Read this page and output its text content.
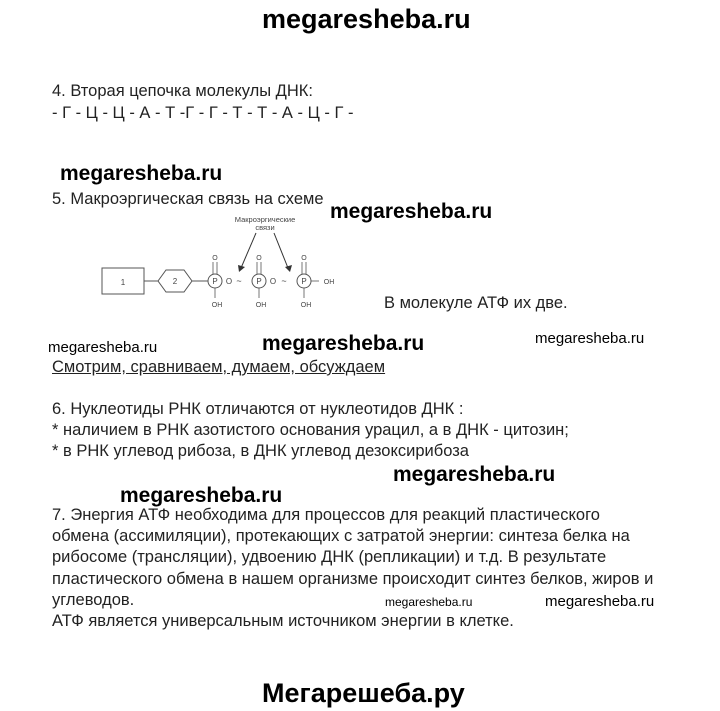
megaresheba.ru
4. Вторая цепочка молекулы ДНК:
- Г - Ц - Ц - А - Т -Г - Г - Т - Т - А - Ц - Г -
megaresheba.ru
5. Макроэргическая связь на схеме
megaresheba.ru
Макроэргические
связи
1	2	P
O
OH
O ~ P
O
OH
O ~ P
O
OH
OH
В молекуле АТФ их две.
megaresheba.ru	megaresheba.ru	megaresheba.ru
Смотрим, сравниваем, думаем, обсуждаем
6. Нуклеотиды РНК отличаются от нуклеотидов ДНК :
* наличием в РНК азотистого основания урацил, а в ДНК - цитозин;
* в РНК углевод рибоза, в ДНК углевод дезоксирибоза
megaresheba.ru
megaresheba.ru
7. Энергия АТФ необходима для процессов для реакций пластического
обмена (ассимиляции), протекающих с затратой энергии: синтеза белка на
рибосоме (трансляции), удвоению ДНК (репликации) и т.д. В результате
пластического обмена в нашем организме происходит синтез белков, жиров и
углеводов.	megaresheba.ru	megaresheba.ru
АТФ является универсальным источником энергии в клетке.
Мегарешеба.ру
